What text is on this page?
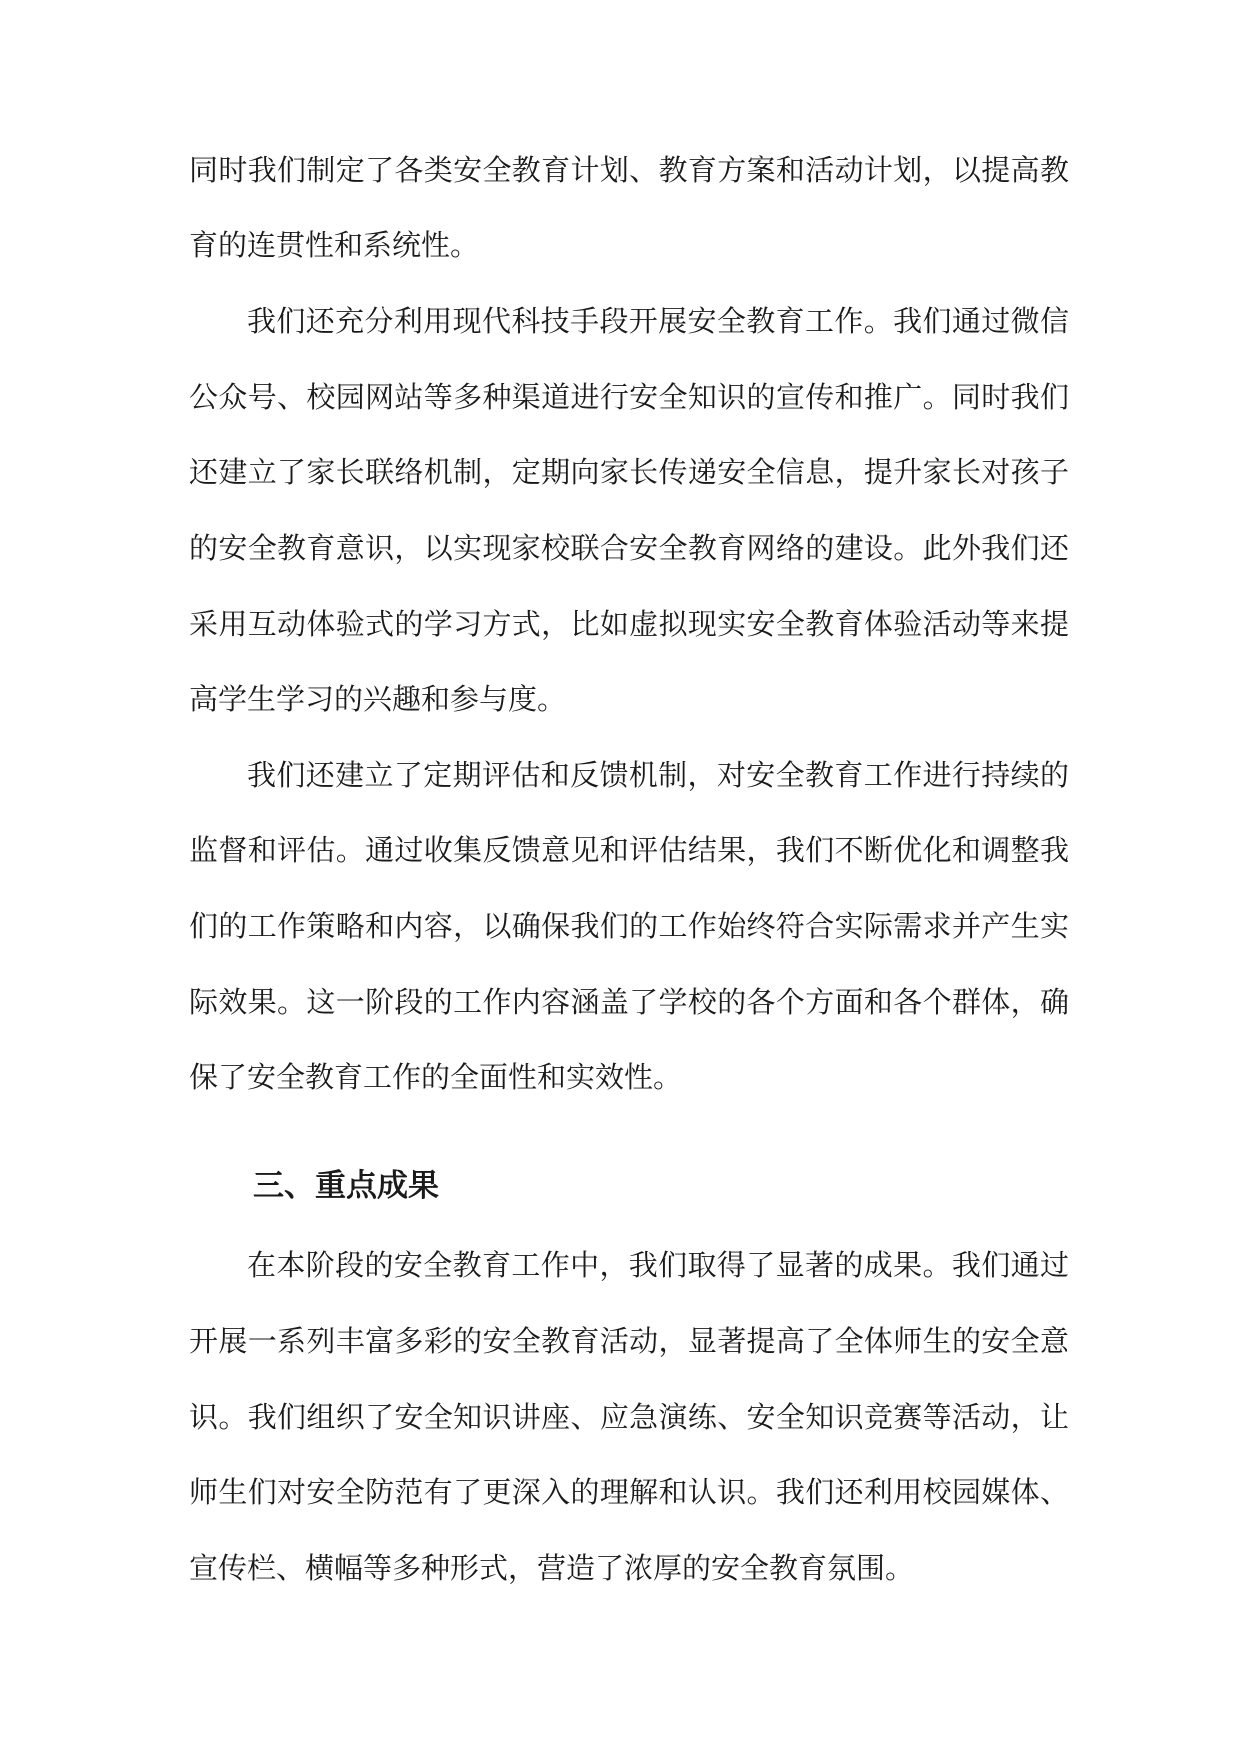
同时我们制定了各类安全教育计划、教育方案和活动计划，以提高教
育的连贯性和系统性。
我们还充分利用现代科技手段开展安全教育工作。我们通过微信
公众号、校园网站等多种渠道进行安全知识的宣传和推广。同时我们
还建立了家长联络机制，定期向家长传递安全信息，提升家长对孩子
的安全教育意识，以实现家校联合安全教育网络的建设。此外我们还
采用互动体验式的学习方式，比如虚拟现实安全教育体验活动等来提
高学生学习的兴趣和参与度。
我们还建立了定期评估和反馈机制，对安全教育工作进行持续的
监督和评估。通过收集反馈意见和评估结果，我们不断优化和调整我
们的工作策略和内容，以确保我们的工作始终符合实际需求并产生实
际效果。这一阶段的工作内容涵盖了学校的各个方面和各个群体，确
保了安全教育工作的全面性和实效性。
三、重点成果
在本阶段的安全教育工作中，我们取得了显著的成果。我们通过
开展一系列丰富多彩的安全教育活动，显著提高了全体师生的安全意
识。我们组织了安全知识讲座、应急演练、安全知识竞赛等活动，让
师生们对安全防范有了更深入的理解和认识。我们还利用校园媒体、
宣传栏、横幅等多种形式，营造了浓厚的安全教育氛围。
